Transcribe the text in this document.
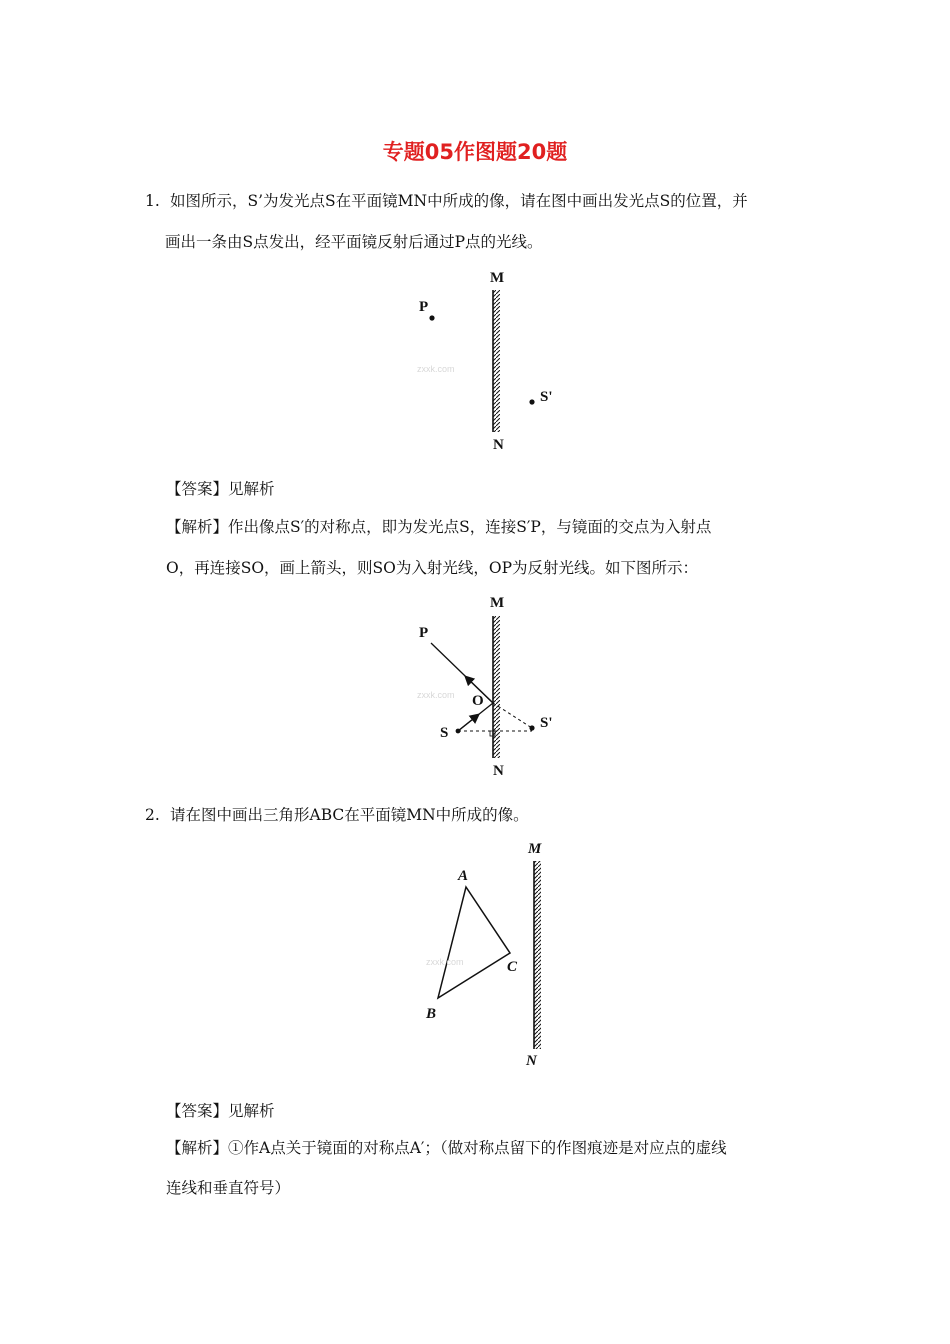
专题05作图题20题
1. 如图所示，S’为发光点S在平面镜MN中所成的像，请在图中画出发光点S的位置，并
画出一条由S点发出，经平面镜反射后通过P点的光线。
M
N
P
zxxk.com
S'
【答案】见解析
【解析】作出像点S′的对称点，即为发光点S，连接S′P，与镜面的交点为入射点
O，再连接SO，画上箭头，则SO为入射光线，OP为反射光线。如下图所示：
M
N
P
O
zxxk.com
S
S'
2. 请在图中画出三角形ABC在平面镜MN中所成的像。
M
N
A
C
B
zxxk.com
【答案】见解析
【解析】①作A点关于镜面的对称点A′；（做对称点留下的作图痕迹是对应点的虚线
连线和垂直符号）
